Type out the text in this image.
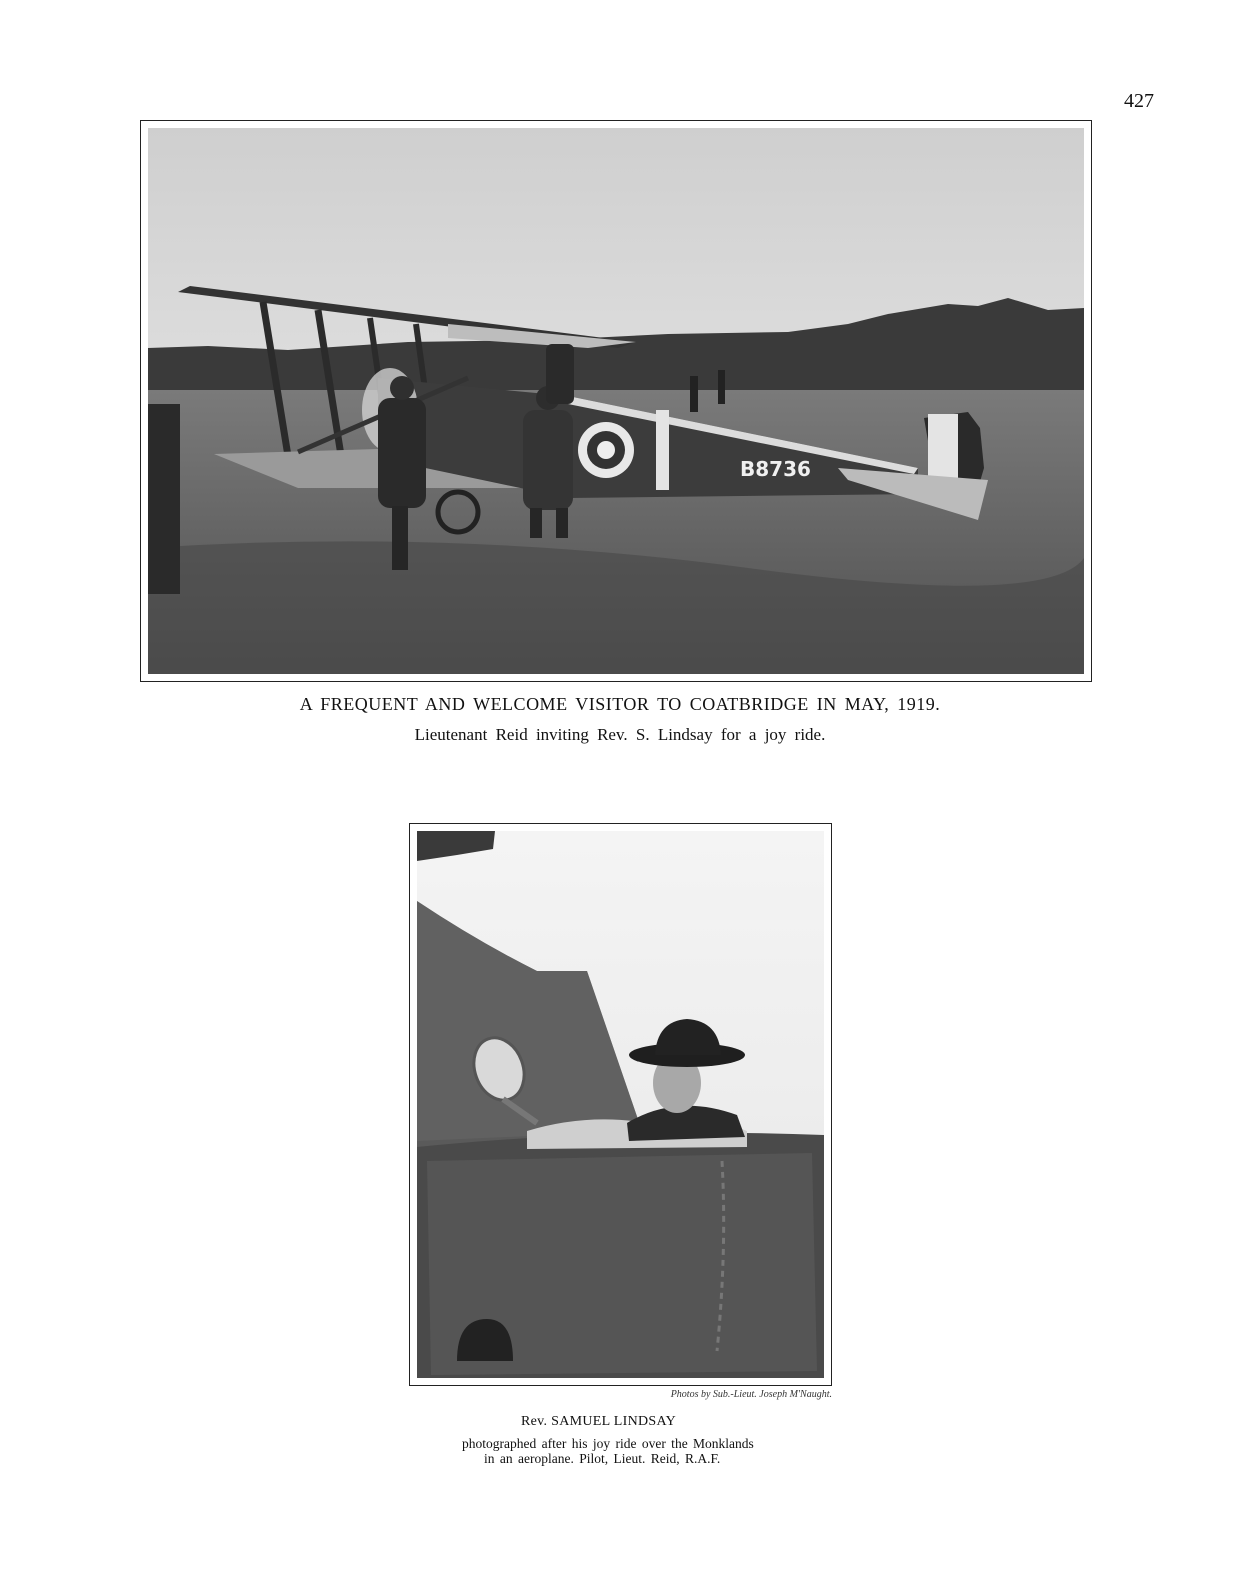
427
B8736
A FREQUENT AND WELCOME VISITOR TO COATBRIDGE IN MAY, 1919.
Lieutenant Reid inviting Rev. S. Lindsay for a joy ride.
Photos by Sub.-Lieut. Joseph M'Naught.
Rev. SAMUEL LINDSAY
photographed after his joy ride over the Monklands
in an aeroplane. Pilot, Lieut. Reid, R.A.F.
